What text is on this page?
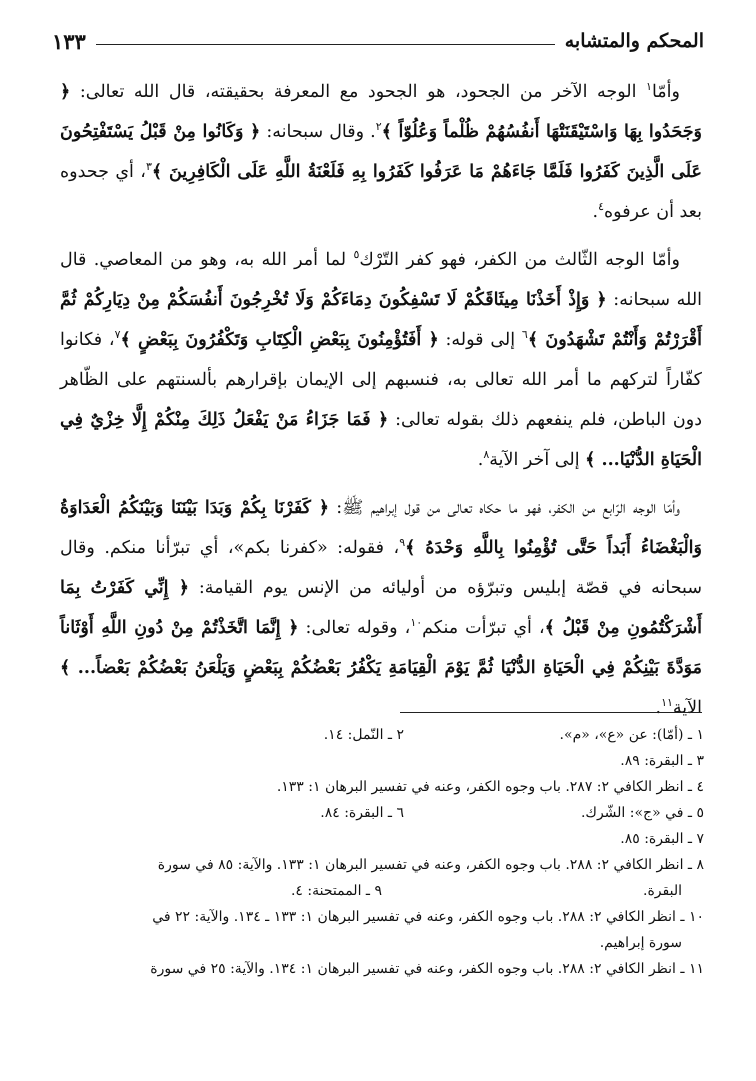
المحكم والمتشابه
١٣٣

وأمّا$^١$ الوجه الآخر من الجحود، هو الجحود مع المعرفة بحقيقته، قال الله تعالى: ﴿ وَجَحَدُوا بِهَا وَاسْتَيْقَنَتْهَا أَنفُسُهُمْ ظُلْماً وَعُلُوّاً ﴾$^٢$. وقال سبحانه: ﴿ وَكَانُوا مِنْ قَبْلُ يَسْتَفْتِحُونَ عَلَى الَّذِينَ كَفَرُوا فَلَمَّا جَاءَهُمْ مَا عَرَفُوا كَفَرُوا بِهِ فَلَعْنَةُ اللَّهِ عَلَى الْكَافِرِينَ ﴾$^٣$، أي جحدوه بعد أن عرفوه$^٤$.

وأمّا الوجه الثّالث من الكفر، فهو كفر التّرْك$^٥$ لما أمر الله به، وهو من المعاصي. قال الله سبحانه: ﴿ وَإِذْ أَخَذْنَا مِيثَاقَكُمْ لَا تَسْفِكُونَ دِمَاءَكُمْ وَلَا تُخْرِجُونَ أَنفُسَكُمْ مِنْ دِيَارِكُمْ ثُمَّ أَقْرَرْتُمْ وَأَنْتُمْ تَشْهَدُونَ ﴾$^٦$ إلى قوله: ﴿ أَفَتُؤْمِنُونَ بِبَعْضِ الْكِتَابِ وَتَكْفُرُونَ بِبَعْضٍ ﴾$^٧$، فكانوا كفّاراً لتركهم ما أمر الله تعالى به، فنسبهم إلى الإيمان بإقرارهم بألسنتهم على الظّاهر دون الباطن، فلم ينفعهم ذلك بقوله تعالى: ﴿ فَمَا جَزَاءُ مَنْ يَفْعَلُ ذَلِكَ مِنْكُمْ إِلَّا خِزْيٌ فِي الْحَيَاةِ الدُّنْيَا... ﴾ إلى آخر الآية$^٨$.

وأمّا الوجه الرّابع من الكفر، فهو ما حكاه تعالى من قول إبراهيم ﷺ: ﴿ كَفَرْنَا بِكُمْ وَبَدَا بَيْنَنَا وَبَيْنَكُمُ الْعَدَاوَةُ وَالْبَغْضَاءُ أَبَداً حَتَّى تُؤْمِنُوا بِاللَّهِ وَحْدَهُ ﴾$^٩$، فقوله: «كفرنا بكم»، أي تبرّأنا منكم. وقال سبحانه في قصّة إبليس وتبرّؤه من أوليائه من الإنس يوم القيامة: ﴿ إِنِّي كَفَرْتُ بِمَا أَشْرَكْتُمُونِ مِنْ قَبْلُ ﴾، أي تبرّأت منكم$^{١٠}$، وقوله تعالى: ﴿ إِنَّمَا اتَّخَذْتُمْ مِنْ دُونِ اللَّهِ أَوْثَاناً مَوَدَّةَ بَيْنِكُمْ فِي الْحَيَاةِ الدُّنْيَا ثُمَّ يَوْمَ الْقِيَامَةِ يَكْفُرُ بَعْضُكُمْ بِبَعْضٍ وَيَلْعَنُ بَعْضُكُمْ بَعْضاً... ﴾ الآية$^{١١}$.

١ ـ (أمّا): عن «ع»، «م».
٢ ـ النّمل: ١٤.
٣ ـ البقرة: ٨٩.
٤ ـ انظر الكافي ٢: ٢٨٧. باب وجوه الكفر، وعنه في تفسير البرهان ١: ١٣٣.
٥ ـ في «ج»: الشّرك.
٦ ـ البقرة: ٨٤.
٧ ـ البقرة: ٨٥.
٨ ـ انظر الكافي ٢: ٢٨٨. باب وجوه الكفر، وعنه في تفسير البرهان ١: ١٣٣. والآية: ٨٥ في سورة
البقرة.
٩ ـ الممتحنة: ٤.
١٠ ـ انظر الكافي ٢: ٢٨٨. باب وجوه الكفر، وعنه في تفسير البرهان ١: ١٣٣ ـ ١٣٤. والآية: ٢٢ في
سورة إبراهيم.
١١ ـ انظر الكافي ٢: ٢٨٨. باب وجوه الكفر، وعنه في تفسير البرهان ١: ١٣٤. والآية: ٢٥ في سورة
